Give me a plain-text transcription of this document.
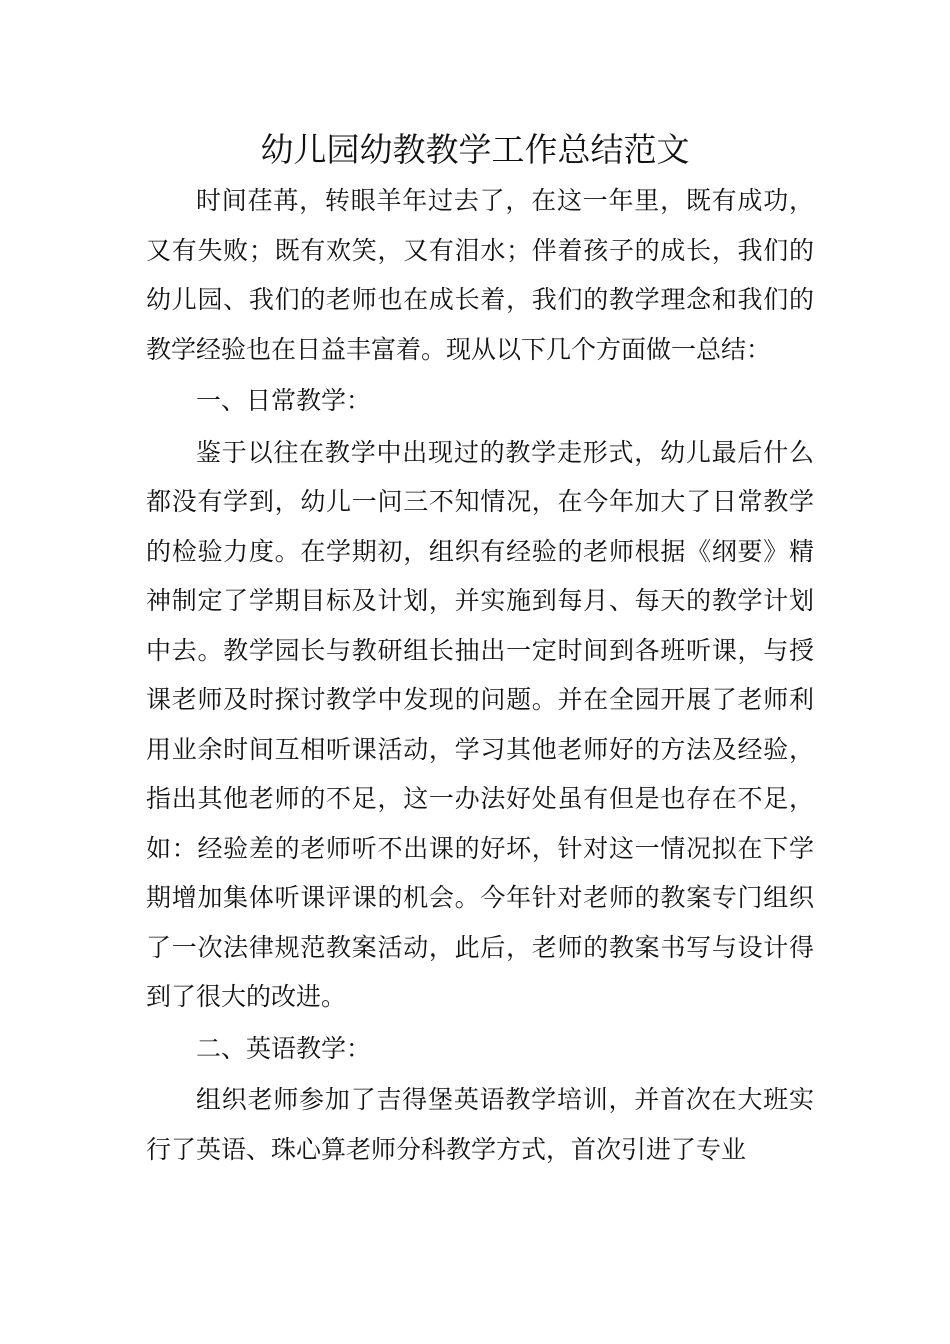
幼儿园幼教教学工作总结范文

时间荏苒，转眼羊年过去了，在这一年里，既有成功，又有失败；既有欢笑，又有泪水；伴着孩子的成长，我们的幼儿园、我们的老师也在成长着，我们的教学理念和我们的教学经验也在日益丰富着。现从以下几个方面做一总结：

一、日常教学：

鉴于以往在教学中出现过的教学走形式，幼儿最后什么都没有学到，幼儿一问三不知情况，在今年加大了日常教学的检验力度。在学期初，组织有经验的老师根据《纲要》精神制定了学期目标及计划，并实施到每月、每天的教学计划中去。教学园长与教研组长抽出一定时间到各班听课，与授课老师及时探讨教学中发现的问题。并在全园开展了老师利用业余时间互相听课活动，学习其他老师好的方法及经验，指出其他老师的不足，这一办法好处虽有但是也存在不足，如：经验差的老师听不出课的好坏，针对这一情况拟在下学期增加集体听课评课的机会。今年针对老师的教案专门组织了一次法律规范教案活动，此后，老师的教案书写与设计得到了很大的改进。

二、英语教学：

组织老师参加了吉得堡英语教学培训，并首次在大班实行了英语、珠心算老师分科教学方式，首次引进了专业
